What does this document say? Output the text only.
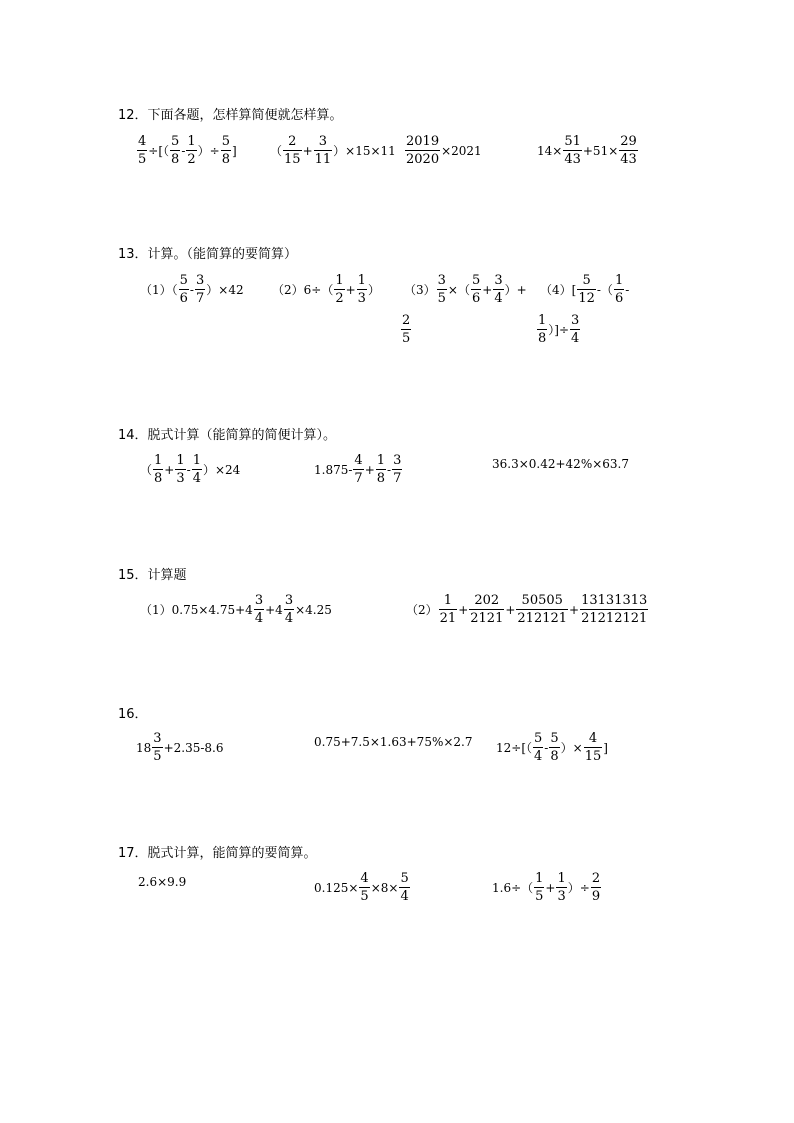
12．下面各题，怎样算简便就怎样算。
$\frac{4}{5}$ ÷[（ $\frac{5}{8} - \frac{1}{2}$ ）÷ $\frac{5}{8}$ ]	（ $\frac{2}{15} + \frac{3}{11} )\times 15\times 11 \frac{2019}{2020} \times 2021$	$14\times \frac{51}{43} +51\times \frac{29}{43}$
13．计算。（能简算的要简算）
$(1)( \frac{5}{6} - \frac{3}{7} )\times 42$ $(2)6\div( \frac{1}{2} + \frac{1}{3}$ ） $(3) \frac{3}{5}$ ×（ $\frac{5}{6} + \frac{3}{4}$ ）+
$\frac{2}{5}$
$(4)[ \frac{5}{12}$ -（ $\frac{1}{6}$ -
$\frac{1}{8}$ ）]÷ $\frac{3}{4}$
14．脱式计算（能简算的简便计算）。
（ $\frac{1}{8} + \frac{1}{3} - \frac{1}{4} )\times 24$	$1.875- \frac{4}{7} + \frac{1}{8} - \frac{3}{7}$	36.3×0.42+42%×63.7
15．计算题
$(1)0.75\times 4.75+4 \frac{3}{4} +4 \frac{3}{4} \times 4.25$	$(2) \frac{1}{21} + \frac{202}{2121} + \frac{50505}{212121} + \frac{13131313}{21212121}$
16．
$18 \frac{3}{5} +2.35-8.6$	0.75+7.5×1.63+75%×2.7 $12\div[( \frac{5}{4} - \frac{5}{8}$ ）× $\frac{4}{15}$ ]
17．脱式计算，能简算的要简算。
2.6×9.9	$0.125\times \frac{4}{5} \times 8\times \frac{5}{4}$	$1.6\div( \frac{1}{5} + \frac{1}{3}$ ）÷ $\frac{2}{9}$
